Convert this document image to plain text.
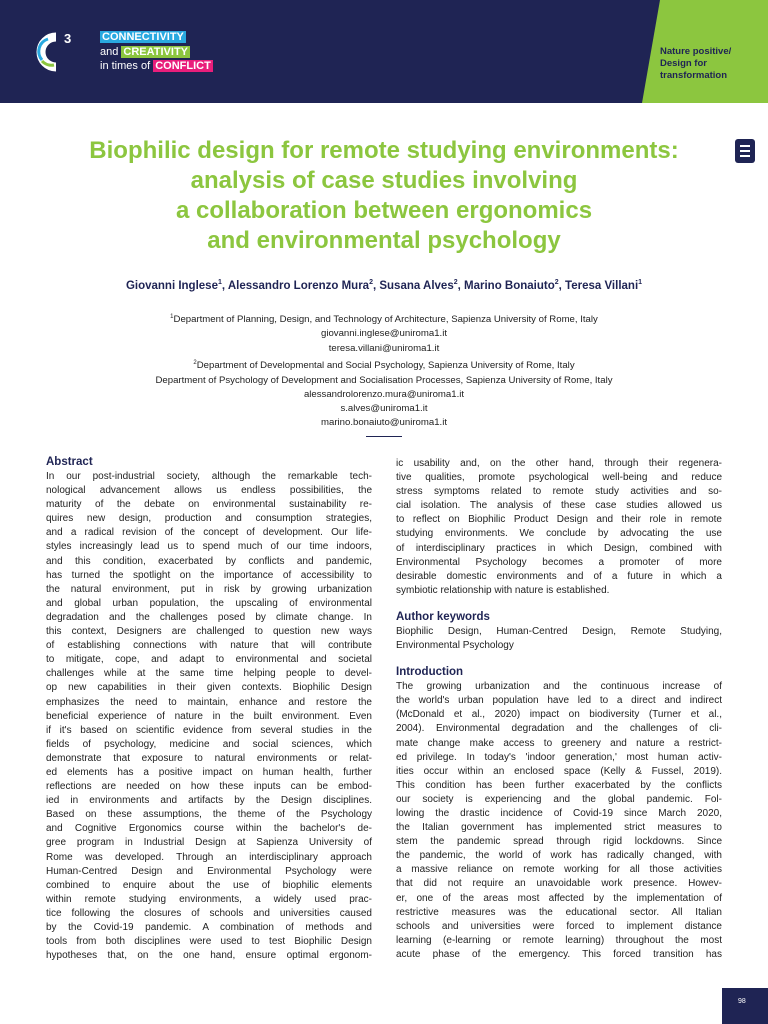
3	CONNECTIVITY
and CREATIVITY
in times of CONFLICT
Nature positive/
Design for
transformation
Biophilic design for remote studying environments:
analysis of case studies involving
a collaboration between ergonomics
and environmental psychology
Giovanni Inglese$^1$, Alessandro Lorenzo Mura$^2$, Susana Alves$^2$, Marino Bonaiuto$^2$, Teresa Villani$^1$
$^1$Department of Planning, Design, and Technology of Architecture, Sapienza University of Rome, Italy
giovanni.inglese@uniroma1.it
teresa.villani@uniroma1.it
$^2$Department of Developmental and Social Psychology, Sapienza University of Rome, Italy
Department of Psychology of Development and Socialisation Processes, Sapienza University of Rome, Italy
alessandrolorenzo.mura@uniroma1.it
s.alves@uniroma1.it
marino.bonaiuto@uniroma1.it
Abstract
In our post-industrial society, although the remarkable tech-
nological advancement allows us endless possibilities, the
maturity of the debate on environmental sustainability re-
quires new design, production and consumption strategies,
and a radical revision of the concept of development. Our life-
styles increasingly lead us to spend much of our time indoors,
and this condition, exacerbated by conflicts and pandemic,
has turned the spotlight on the importance of accessibility to
the natural environment, put in risk by growing urbanization
and global urban population, the upscaling of environmental
degradation and the challenges posed by climate change. In
this context, Designers are challenged to question new ways
of establishing connections with nature that will contribute
to mitigate, cope, and adapt to environmental and societal
challenges while at the same time helping people to devel-
op new capabilities in their given contexts. Biophilic Design
emphasizes the need to maintain, enhance and restore the
beneficial experience of nature in the built environment. Even
if it's based on scientific evidence from several studies in the
fields of psychology, medicine and social sciences, which
demonstrate that exposure to natural environments or relat-
ed elements has a positive impact on human health, further
reflections are needed on how these inputs can be embod-
ied in environments and artifacts by the Design disciplines.
Based on these assumptions, the theme of the Psychology
and Cognitive Ergonomics course within the bachelor's de-
gree program in Industrial Design at Sapienza University of
Rome was developed. Through an interdisciplinary approach
Human-Centred Design and Environmental Psychology were
combined to enquire about the use of biophilic elements
within remote studying environments, a widely used prac-
tice following the closures of schools and universities caused
by the Covid-19 pandemic. A combination of methods and
tools from both disciplines were used to test Biophilic Design
hypotheses that, on the one hand, ensure optimal ergonom-
ic usability and, on the other hand, through their regenera-
tive qualities, promote psychological well-being and reduce
stress symptoms related to remote study activities and so-
cial isolation. The analysis of these case studies allowed us
to reflect on Biophilic Product Design and their role in remote
studying environments. We conclude by advocating the use
of interdisciplinary practices in which Design, combined with
Environmental Psychology becomes a promoter of more
desirable domestic environments and of a future in which a
symbiotic relationship with nature is established.
Author keywords
Biophilic Design, Human-Centred Design, Remote Studying,
Environmental Psychology
Introduction
The growing urbanization and the continuous increase of
the world's urban population have led to a direct and indirect
(McDonald et al., 2020) impact on biodiversity (Turner et al.,
2004). Environmental degradation and the challenges of cli-
mate change make access to greenery and nature a restrict-
ed privilege. In today's 'indoor generation,' most human activ-
ities occur within an enclosed space (Kelly & Fussel, 2019).
This condition has been further exacerbated by the conflicts
our society is experiencing and the global pandemic. Fol-
lowing the drastic incidence of Covid-19 since March 2020,
the Italian government has implemented strict measures to
stem the pandemic spread through rigid lockdowns. Since
the pandemic, the world of work has radically changed, with
a massive reliance on remote working for all those activities
that did not require an unavoidable work presence. Howev-
er, one of the areas most affected by the implementation of
restrictive measures was the educational sector. All Italian
schools and universities were forced to implement distance
learning (e-learning or remote learning) throughout the most
acute phase of the emergency. This forced transition has
98
